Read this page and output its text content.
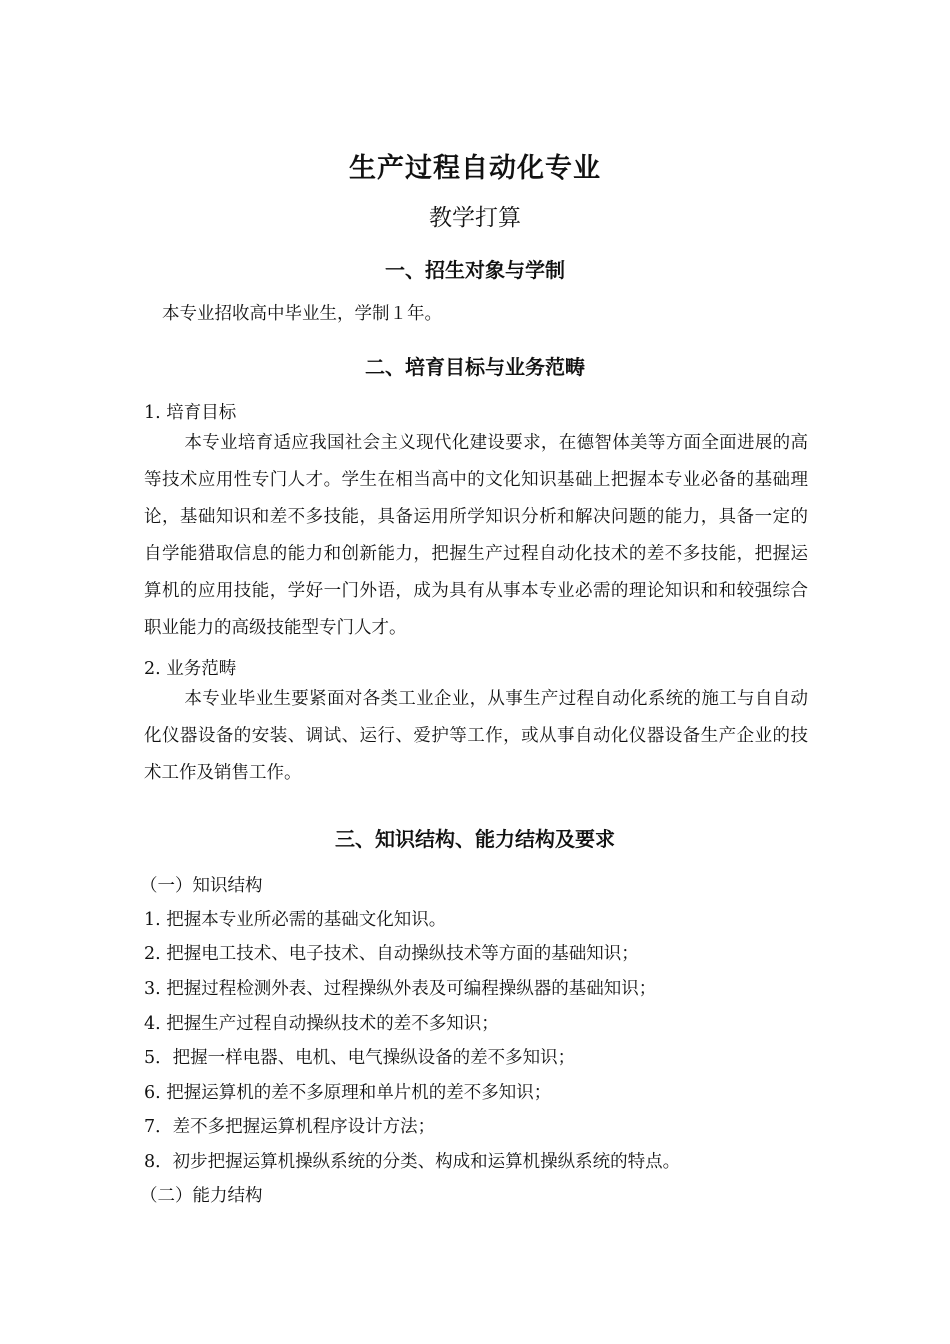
生产过程自动化专业
教学打算
一、招生对象与学制

本专业招收高中毕业生，学制１年。

二、培育目标与业务范畴

1. 培育目标

本专业培育适应我国社会主义现代化建设要求，在德智体美等方面全面进展的高等技术应用性专门人才。学生在相当高中的文化知识基础上把握本专业必备的基础理论，基础知识和差不多技能，具备运用所学知识分析和解决问题的能力，具备一定的自学能猎取信息的能力和创新能力，把握生产过程自动化技术的差不多技能，把握运算机的应用技能，学好一门外语，成为具有从事本专业必需的理论知识和和较强综合职业能力的高级技能型专门人才。

2. 业务范畴

本专业毕业生要紧面对各类工业企业，从事生产过程自动化系统的施工与自自动化仪器设备的安装、调试、运行、爱护等工作，或从事自动化仪器设备生产企业的技术工作及销售工作。

三、知识结构、能力结构及要求

（一）知识结构

1. 把握本专业所必需的基础文化知识。

2. 把握电工技术、电子技术、自动操纵技术等方面的基础知识；

3. 把握过程检测外表、过程操纵外表及可编程操纵器的基础知识；

4. 把握生产过程自动操纵技术的差不多知识；

5．把握一样电器、电机、电气操纵设备的差不多知识；

6. 把握运算机的差不多原理和单片机的差不多知识；

7．差不多把握运算机程序设计方法；

8．初步把握运算机操纵系统的分类、构成和运算机操纵系统的特点。

（二）能力结构
